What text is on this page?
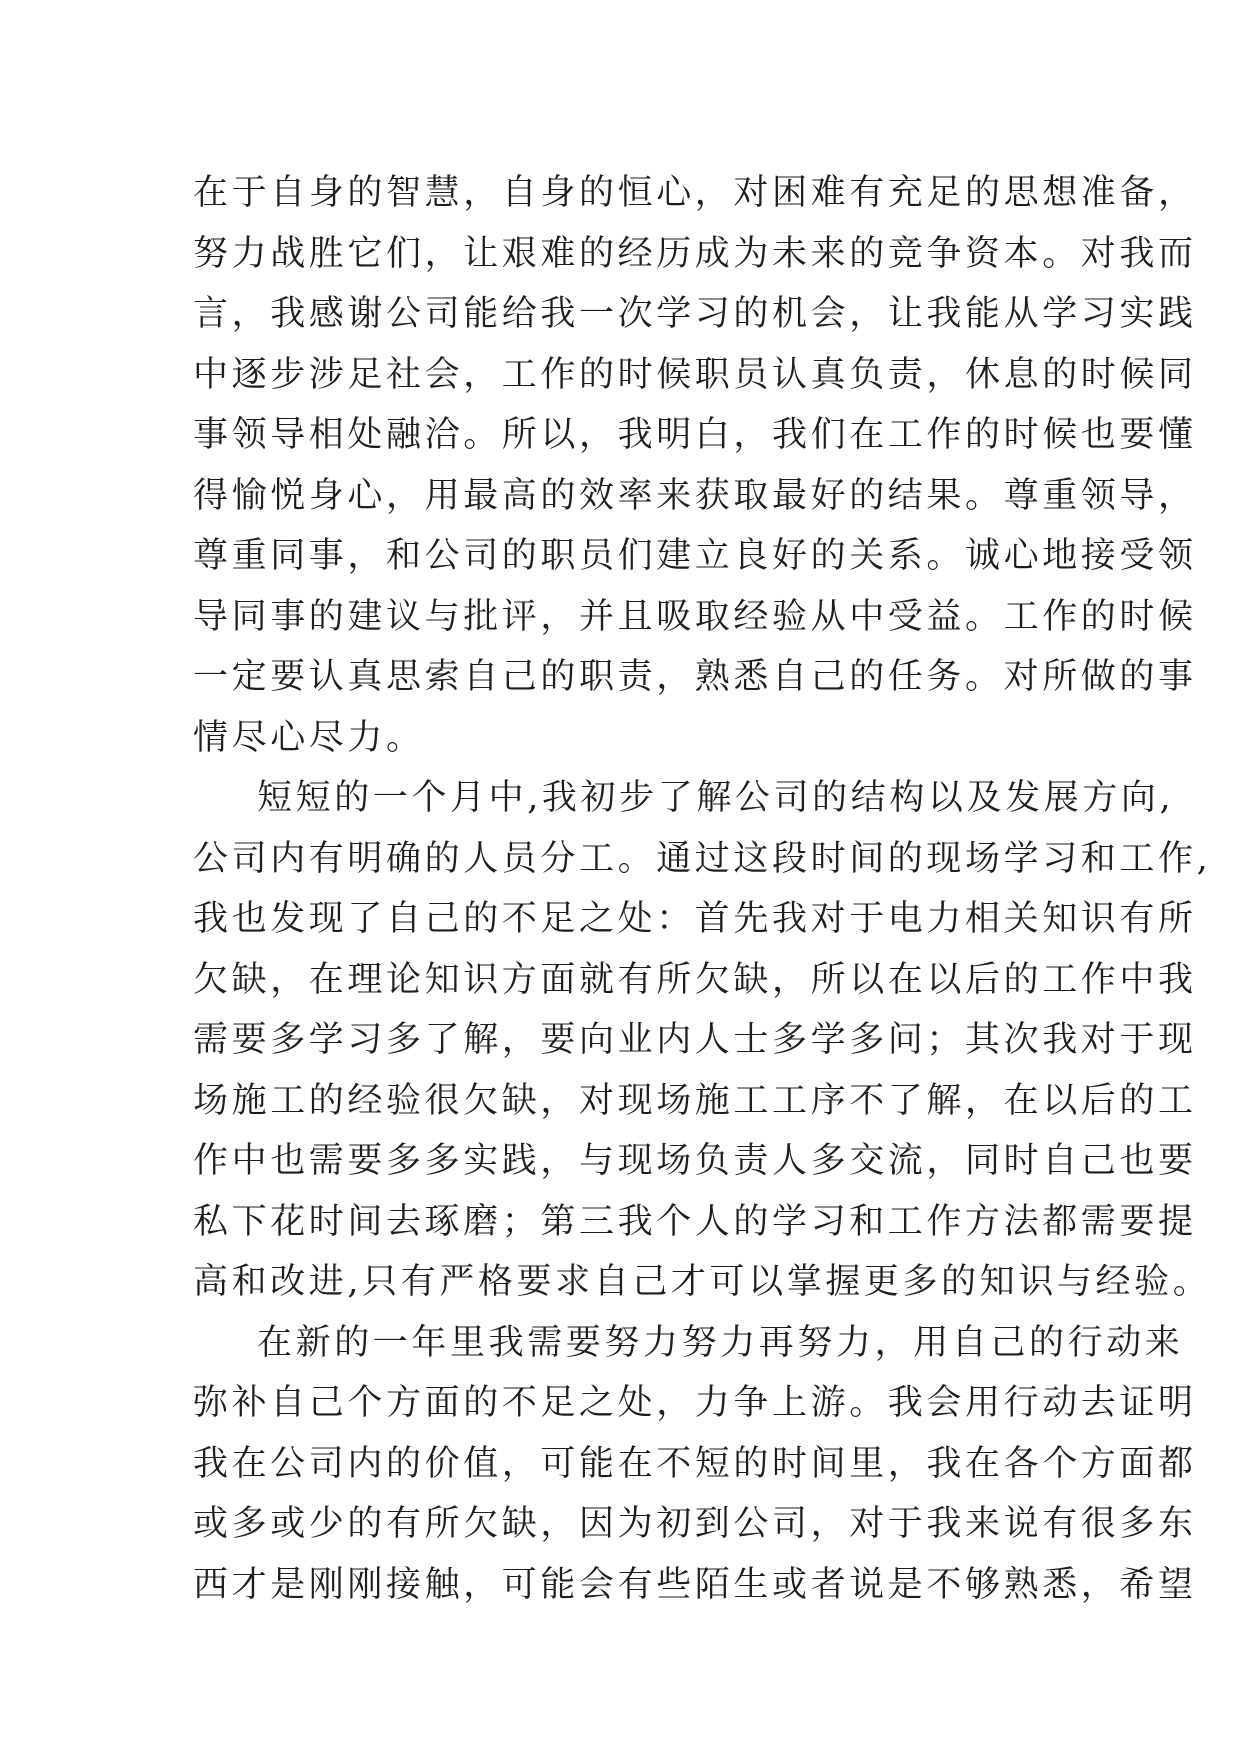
在于自身的智慧，自身的恒心，对困难有充足的思想准备，
努力战胜它们，让艰难的经历成为未来的竞争资本。对我而
言，我感谢公司能给我一次学习的机会，让我能从学习实践
中逐步涉足社会，工作的时候职员认真负责，休息的时候同
事领导相处融洽。所以，我明白，我们在工作的时候也要懂
得愉悦身心，用最高的效率来获取最好的结果。尊重领导，
尊重同事，和公司的职员们建立良好的关系。诚心地接受领
导同事的建议与批评，并且吸取经验从中受益。工作的时候
一定要认真思索自己的职责，熟悉自己的任务。对所做的事
情尽心尽力。
短短的一个月中,我初步了解公司的结构以及发展方向,
公司内有明确的人员分工。通过这段时间的现场学习和工作,
我也发现了自己的不足之处：首先我对于电力相关知识有所
欠缺，在理论知识方面就有所欠缺，所以在以后的工作中我
需要多学习多了解，要向业内人士多学多问；其次我对于现
场施工的经验很欠缺，对现场施工工序不了解，在以后的工
作中也需要多多实践，与现场负责人多交流，同时自己也要
私下花时间去琢磨；第三我个人的学习和工作方法都需要提
高和改进,只有严格要求自己才可以掌握更多的知识与经验。
在新的一年里我需要努力努力再努力，用自己的行动来
弥补自己个方面的不足之处，力争上游。我会用行动去证明
我在公司内的价值，可能在不短的时间里，我在各个方面都
或多或少的有所欠缺，因为初到公司，对于我来说有很多东
西才是刚刚接触，可能会有些陌生或者说是不够熟悉，希望
